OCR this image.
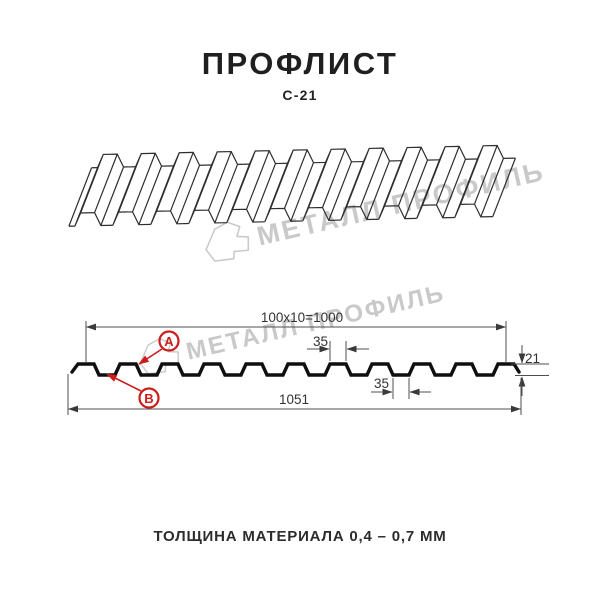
ПРОФЛИСТ
С-21
МЕТАЛЛ ПРОФИЛЬ
100x10=1000
35
35
21
1051
A
B
ТОЛЩИНА МАТЕРИАЛА 0,4 – 0,7 ММ
